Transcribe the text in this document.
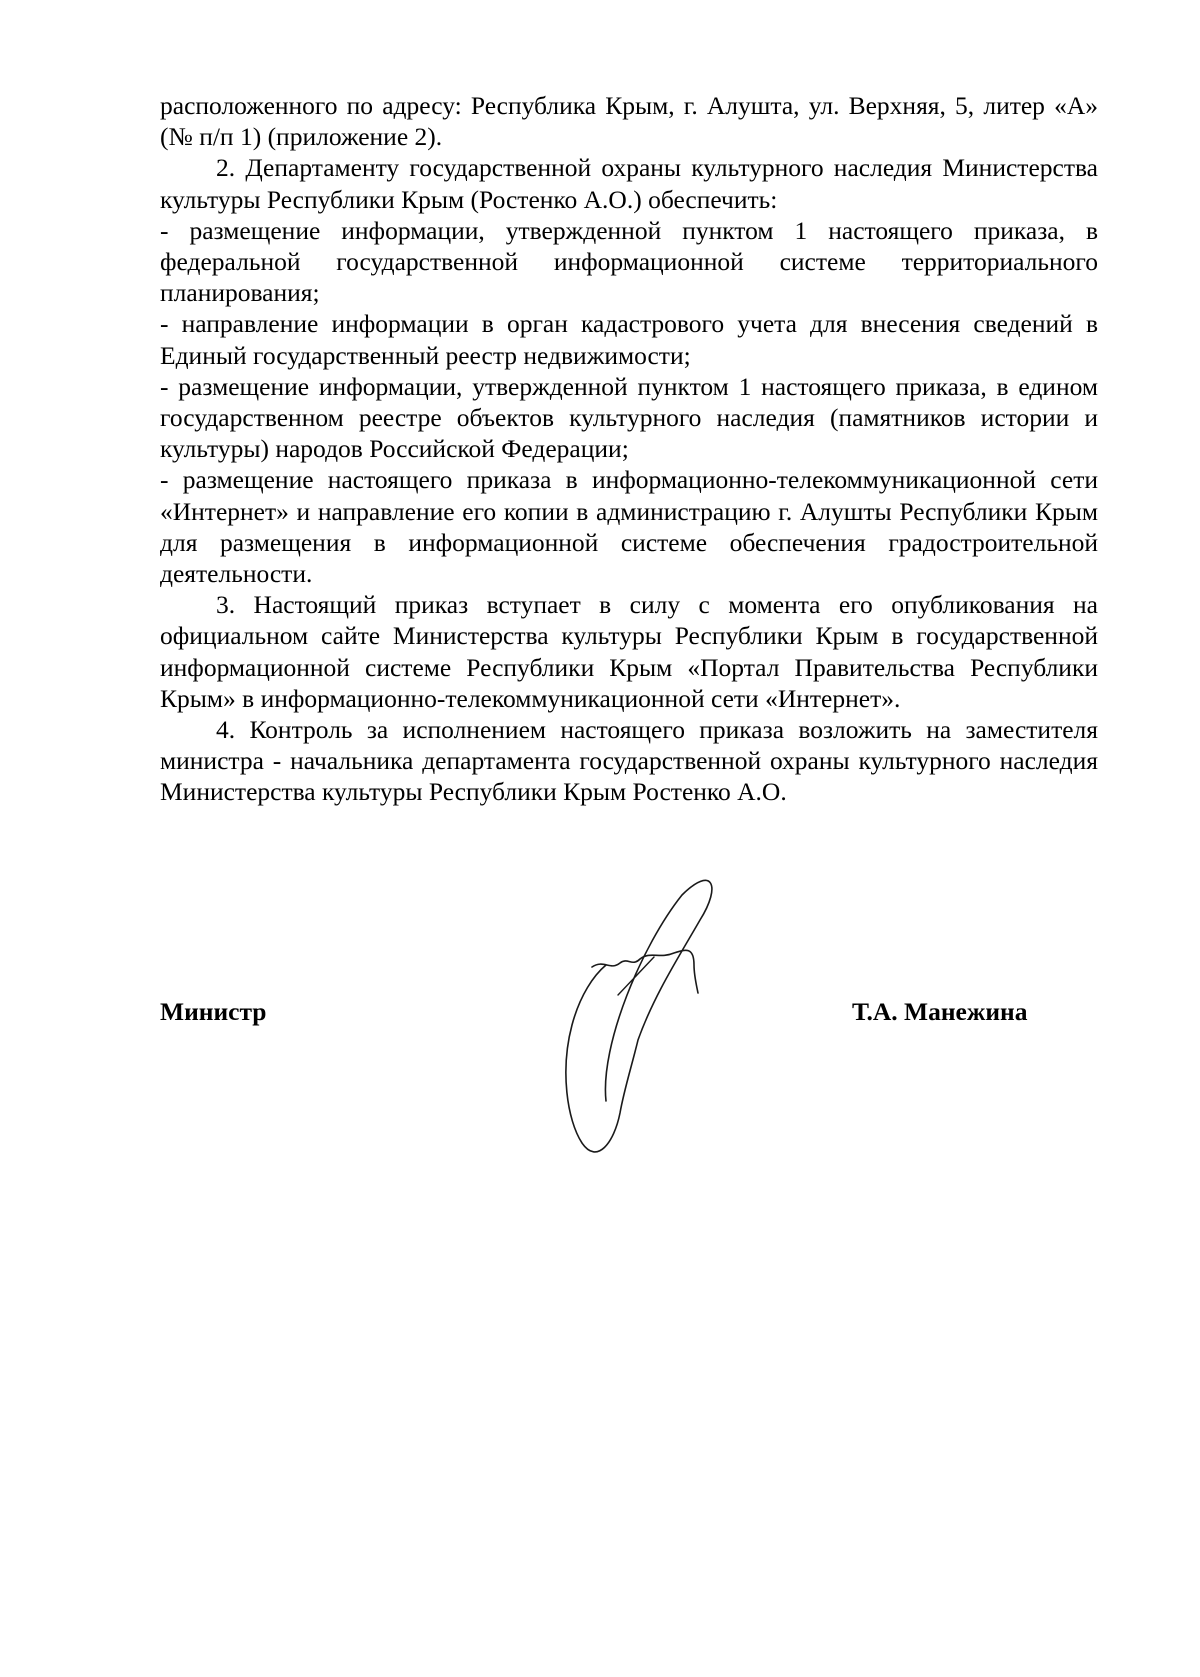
расположенного по адресу: Республика Крым, г. Алушта, ул. Верхняя, 5, литер «А» (№ п/п 1) (приложение 2).

2. Департаменту государственной охраны культурного наследия Министерства культуры Республики Крым (Ростенко А.О.) обеспечить:

- размещение информации, утвержденной пунктом 1 настоящего приказа, в федеральной государственной информационной системе территориального планирования;

- направление информации в орган кадастрового учета для внесения сведений в Единый государственный реестр недвижимости;

- размещение информации, утвержденной пунктом 1 настоящего приказа, в едином государственном реестре объектов культурного наследия (памятников истории и культуры) народов Российской Федерации;

- размещение настоящего приказа в информационно-телекоммуникационной сети «Интернет» и направление его копии в администрацию г. Алушты Республики Крым для размещения в информационной системе обеспечения градостроительной деятельности.

3. Настоящий приказ вступает в силу с момента его опубликования на официальном сайте Министерства культуры Республики Крым в государственной информационной системе Республики Крым «Портал Правительства Республики Крым» в информационно-телекоммуникационной сети «Интернет».

4. Контроль за исполнением настоящего приказа возложить на заместителя министра - начальника департамента государственной охраны культурного наследия Министерства культуры Республики Крым Ростенко А.О.

Министр	Т.А. Манежина
